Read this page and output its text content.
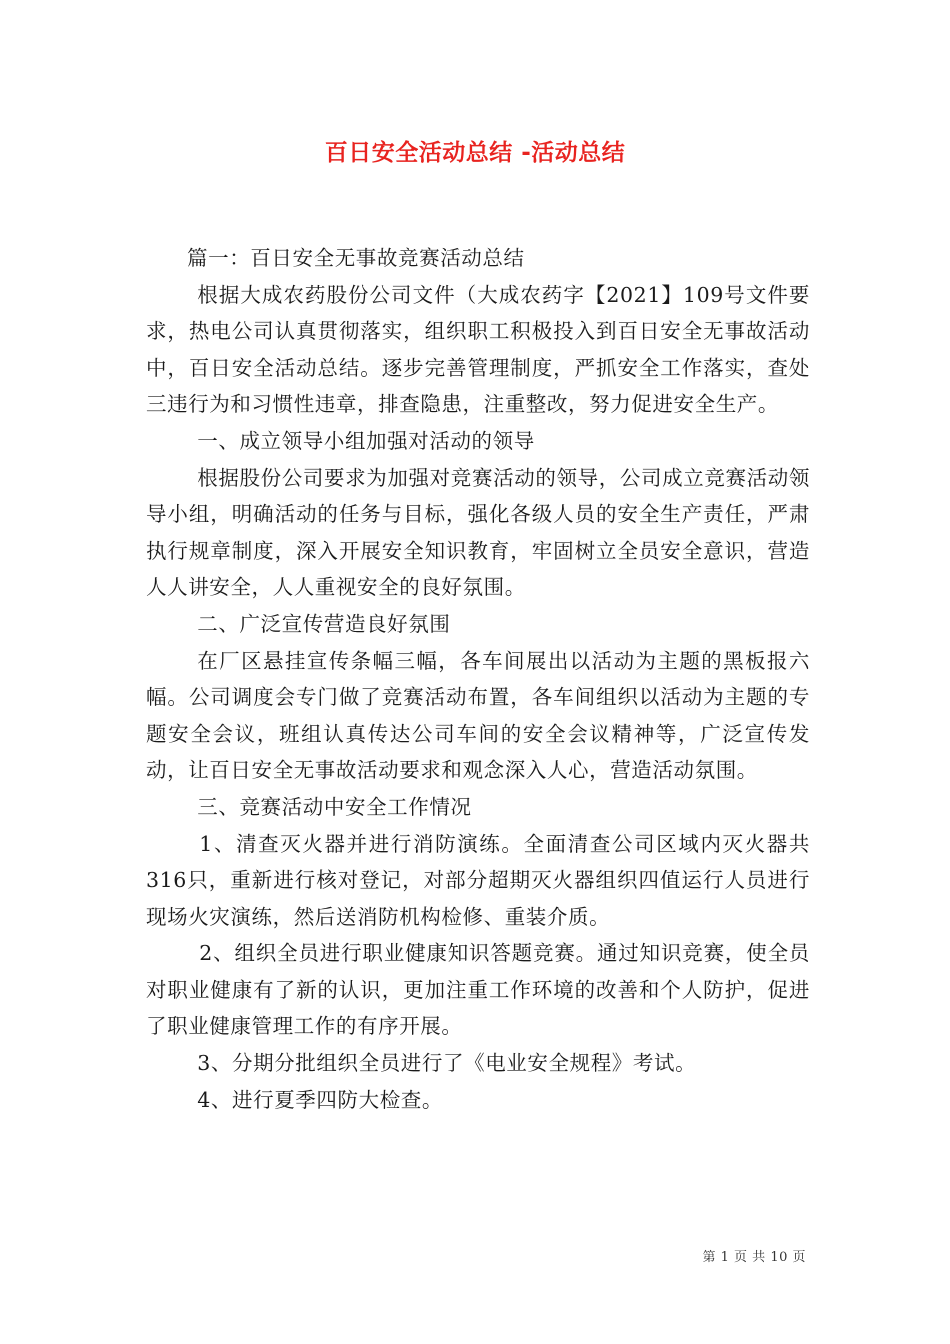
百日安全活动总结 -活动总结

篇一：百日安全无事故竞赛活动总结

根据大成农药股份公司文件（大成农药字【2021】109号文件要求，热电公司认真贯彻落实，组织职工积极投入到百日安全无事故活动中，百日安全活动总结。逐步完善管理制度，严抓安全工作落实，查处三违行为和习惯性违章，排查隐患，注重整改，努力促进安全生产。

一、成立领导小组加强对活动的领导

根据股份公司要求为加强对竞赛活动的领导，公司成立竞赛活动领导小组，明确活动的任务与目标，强化各级人员的安全生产责任，严肃执行规章制度，深入开展安全知识教育，牢固树立全员安全意识，营造人人讲安全，人人重视安全的良好氛围。

二、广泛宣传营造良好氛围

在厂区悬挂宣传条幅三幅，各车间展出以活动为主题的黑板报六幅。公司调度会专门做了竞赛活动布置，各车间组织以活动为主题的专题安全会议，班组认真传达公司车间的安全会议精神等，广泛宣传发动，让百日安全无事故活动要求和观念深入人心，营造活动氛围。

三、竞赛活动中安全工作情况

1、清查灭火器并进行消防演练。全面清查公司区域内灭火器共316只，重新进行核对登记，对部分超期灭火器组织四值运行人员进行现场火灾演练，然后送消防机构检修、重装介质。

2、组织全员进行职业健康知识答题竞赛。通过知识竞赛，使全员对职业健康有了新的认识，更加注重工作环境的改善和个人防护，促进了职业健康管理工作的有序开展。

3、分期分批组织全员进行了《电业安全规程》考试。

4、进行夏季四防大检查。

第 1 页 共 10 页
